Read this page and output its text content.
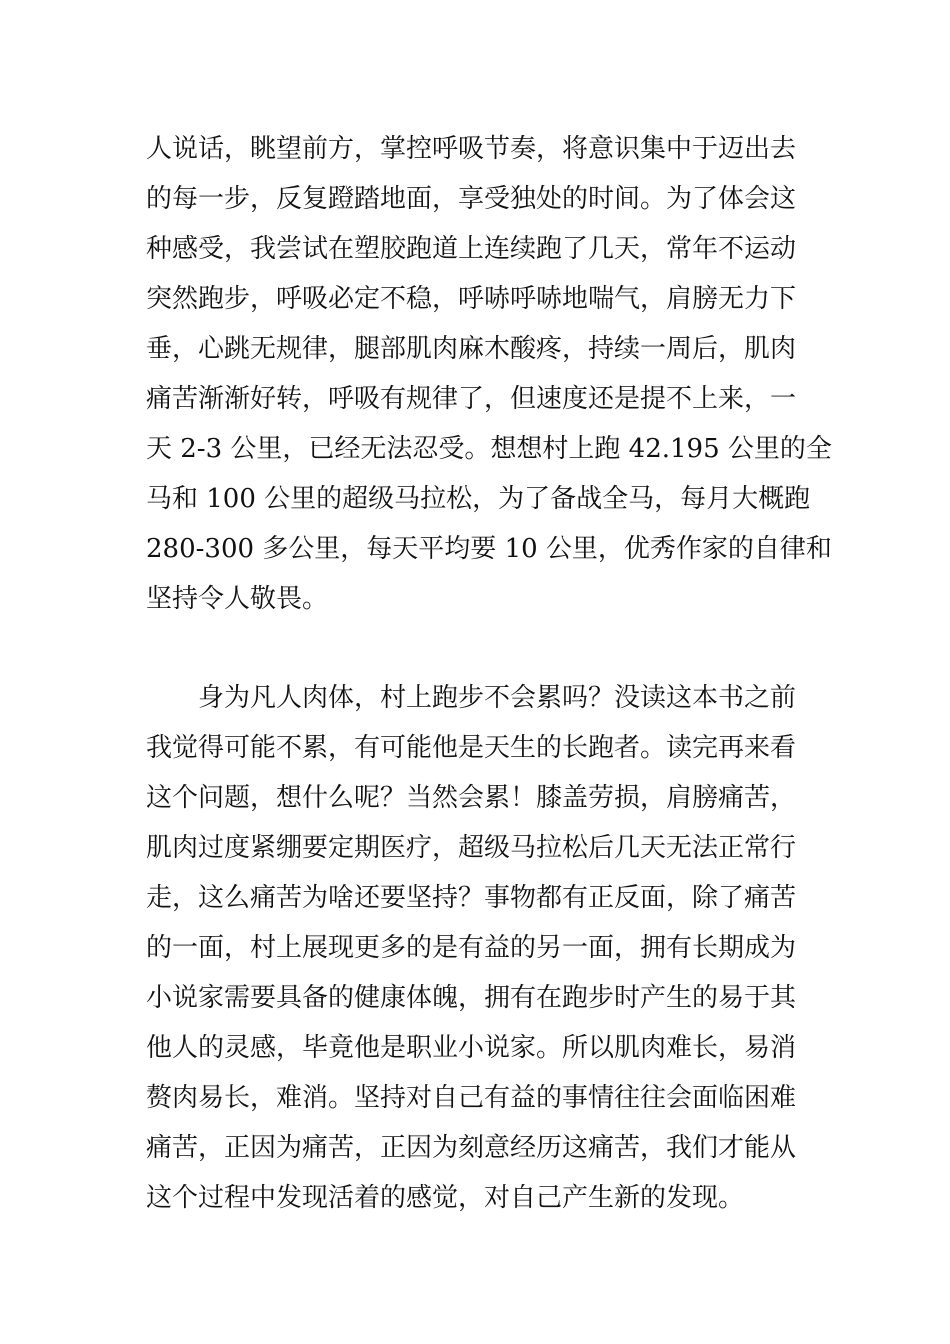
人说话，眺望前方，掌控呼吸节奏，将意识集中于迈出去
的每一步，反复蹬踏地面，享受独处的时间。为了体会这
种感受，我尝试在塑胶跑道上连续跑了几天，常年不运动
突然跑步，呼吸必定不稳，呼哧呼哧地喘气，肩膀无力下
垂，心跳无规律，腿部肌肉麻木酸疼，持续一周后，肌肉
痛苦渐渐好转，呼吸有规律了，但速度还是提不上来，一
天 2-3 公里，已经无法忍受。想想村上跑 42.195 公里的全
马和 100 公里的超级马拉松，为了备战全马，每月大概跑
280-300 多公里，每天平均要 10 公里，优秀作家的自律和
坚持令人敬畏。
身为凡人肉体，村上跑步不会累吗？没读这本书之前
我觉得可能不累，有可能他是天生的长跑者。读完再来看
这个问题，想什么呢？当然会累！膝盖劳损，肩膀痛苦，
肌肉过度紧绷要定期医疗，超级马拉松后几天无法正常行
走，这么痛苦为啥还要坚持？事物都有正反面，除了痛苦
的一面，村上展现更多的是有益的另一面，拥有长期成为
小说家需要具备的健康体魄，拥有在跑步时产生的易于其
他人的灵感，毕竟他是职业小说家。所以肌肉难长，易消
赘肉易长，难消。坚持对自己有益的事情往往会面临困难
痛苦，正因为痛苦，正因为刻意经历这痛苦，我们才能从
这个过程中发现活着的感觉，对自己产生新的发现。
